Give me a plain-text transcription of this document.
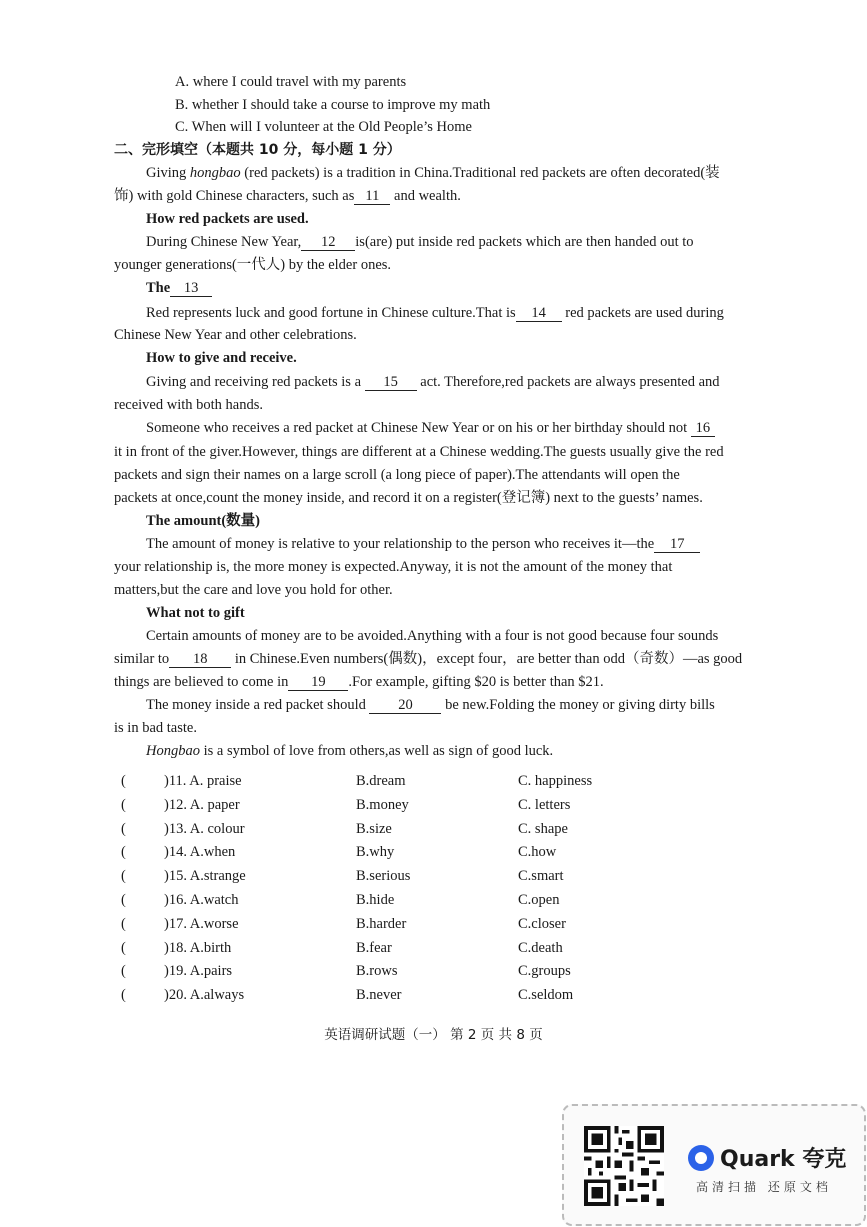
A. where I could travel with my parents
B. whether I should take a course to improve my math
C. When will I volunteer at the Old People’s Home
二、完形填空（本题共 10 分，每小题 1 分）
Giving hongbao (red packets) is a tradition in China.Traditional red packets are often decorated(装
饰) with gold Chinese characters, such as 11 and wealth.
How red packets are used.
During Chinese New Year, 12 is(are) put inside red packets which are then handed out to
younger generations(一代人) by the elder ones.
The 13
Red represents luck and good fortune in Chinese culture.That is 14 red packets are used during
Chinese New Year and other celebrations.
How to give and receive.
Giving and receiving red packets is a 15 act. Therefore,red packets are always presented and
received with both hands.
Someone who receives a red packet at Chinese New Year or on his or her birthday should not 16
it in front of the giver.However, things are different at a Chinese wedding.The guests usually give the red
packets and sign their names on a large scroll (a long piece of paper).The attendants will open the
packets at once,count the money inside, and record it on a register(登记簿) next to the guests’ names.
The amount(数量)
The amount of money is relative to your relationship to the person who receives it—the 17
your relationship is, the more money is expected.Anyway, it is not the amount of the money that
matters,but the care and love you hold for other.
What not to gift
Certain amounts of money are to be avoided.Anything with a four is not good because four sounds
similar to 18 in Chinese.Even numbers(偶数)，except four，are better than odd（奇数）—as good
things are believed to come in 19 .For example, gifting $20 is better than $21.
The money inside a red packet should 20 be new.Folding the money or giving dirty bills
is in bad taste.
Hongbao is a symbol of love from others,as well as sign of good luck.
(	)11. A. praise	B.dream	C. happiness
(	)12. A. paper	B.money	C. letters
(	)13. A. colour	B.size	C. shape
(	)14. A.when	B.why	C.how
(	)15. A.strange	B.serious	C.smart
(	)16. A.watch	B.hide	C.open
(	)17. A.worse	B.harder	C.closer
(	)18. A.birth	B.fear	C.death
(	)19. A.pairs	B.rows	C.groups
(	)20. A.always	B.never	C.seldom
英语调研试题（一） 第 2 页 共 8 页
Quark 夸克
高清扫描 还原文档
